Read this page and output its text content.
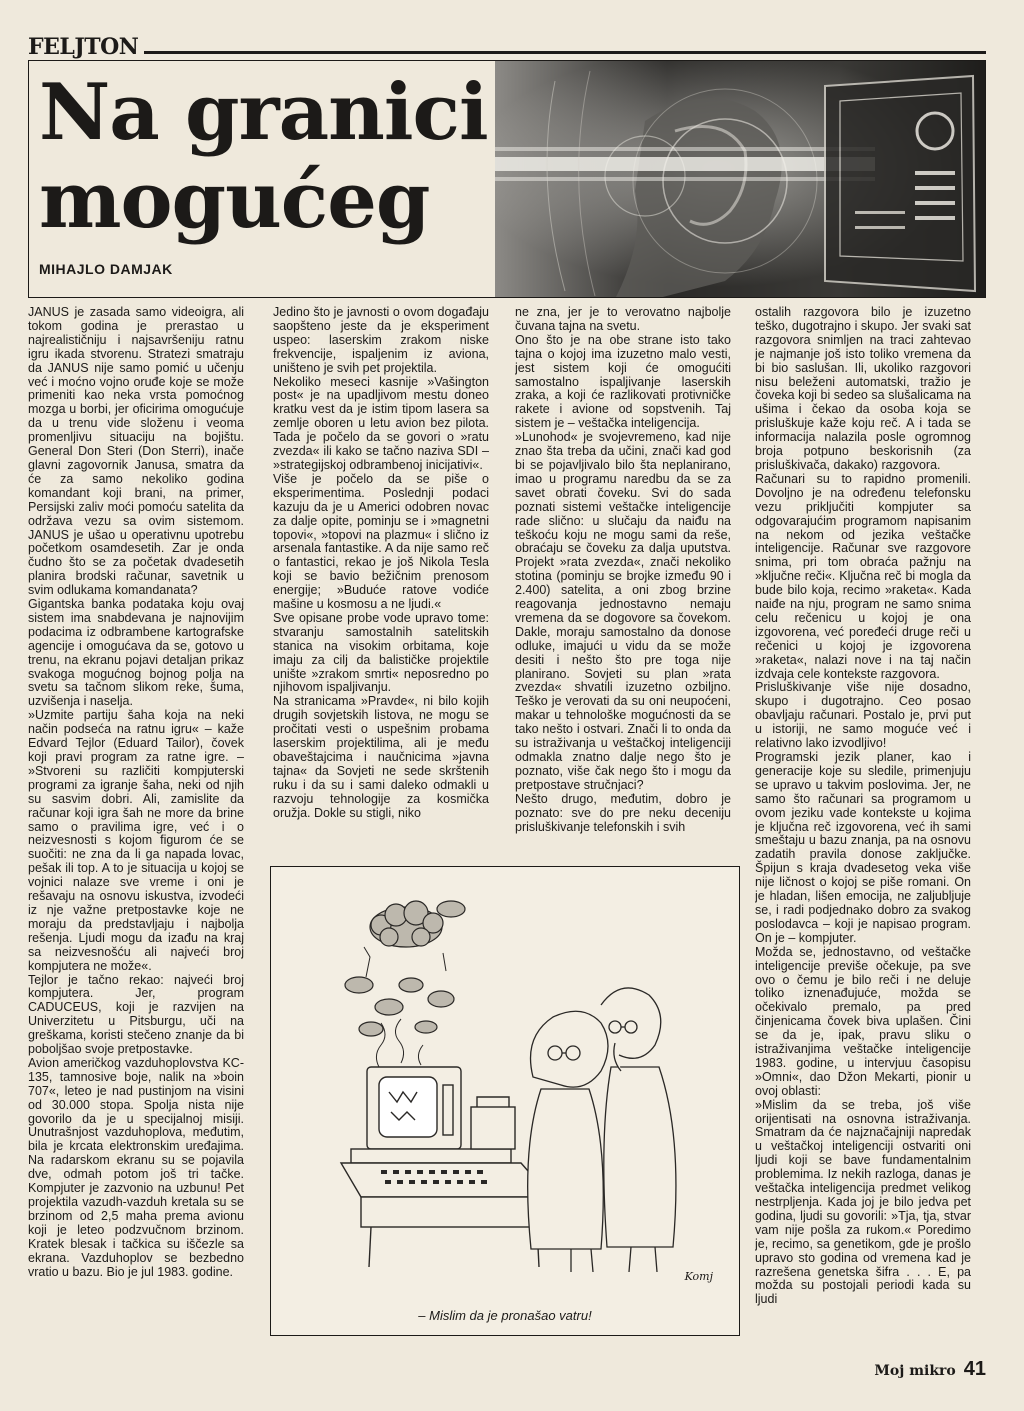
FELJTON
Na granici
mogućeg
MIHAJLO DAMJAK

JANUS je zasada samo videoigra, ali tokom godina je prerastao u najrealističniju i najsavršeniju ratnu igru ikada stvorenu. Stratezi smatraju da JANUS nije samo pomić u učenju već i moćno vojno oruđe koje se može primeniti kao neka vrsta pomoćnog mozga u borbi, jer oficirima omogućuje da u trenu vide složenu i veoma promenljivu situaciju na bojištu. General Don Steri (Don Sterri), inače glavni zagovornik Janusa, smatra da će za samo nekoliko godina komandant koji brani, na primer, Persijski zaliv moći pomoću satelita da održava vezu sa ovim sistemom. JANUS je ušao u operativnu upotrebu početkom osamdesetih. Zar je onda čudno što se za početak dvadesetih planira brodski računar, savetnik u svim odlukama komandanata?

Gigantska banka podataka koju ovaj sistem ima snabdevana je najnovijim podacima iz odbrambene kartografske agencije i omogućava da se, gotovo u trenu, na ekranu pojavi detaljan prikaz svakoga mogućnog bojnog polja na svetu sa tačnom slikom reke, šuma, uzvišenja i naselja.

»Uzmite partiju šaha koja na neki način podseća na ratnu igru« – kaže Edvard Tejlor (Eduard Tailor), čovek koji pravi program za ratne igre. – »Stvoreni su različiti kompjuterski programi za igranje šaha, neki od njih su sasvim dobri. Ali, zamislite da računar koji igra šah ne more da brine samo o pravilima igre, već i o neizvesnosti s kojom figurom će se suočiti: ne zna da li ga napada lovac, pešak ili top. A to je situacija u kojoj se vojnici nalaze sve vreme i oni je rešavaju na osnovu iskustva, izvodeći iz nje važne pretpostavke koje ne moraju da predstavljaju i najbolja rešenja. Ljudi mogu da izađu na kraj sa neizvesnošću ali najveći broj kompjutera ne može«.

Tejlor je tačno rekao: najveći broj kompjutera. Jer, program CADUCEUS, koji je razvijen na Univerzitetu u Pitsburgu, uči na greškama, koristi stečeno znanje da bi poboljšao svoje pretpostavke.

Avion američkog vazduhoplovstva KC-135, tamnosive boje, nalik na »boin 707«, leteo je nad pustinjom na visini od 30.000 stopa. Spolja nista nije govorilo da je u specijalnoj misiji. Unutrašnjost vazduhoplova, međutim, bila je krcata elektronskim uređajima. Na radarskom ekranu su se pojavila dve, odmah potom još tri tačke. Kompjuter je zazvonio na uzbunu! Pet projektila vazudh-vazduh kretala su se brzinom od 2,5 maha prema avionu koji je leteo podzvučnom brzinom. Kratek blesak i tačkica su iščezle sa ekrana. Vazduhoplov se bezbedno vratio u bazu. Bio je jul 1983. godine.

Jedino što je javnosti o ovom događaju saopšteno jeste da je eksperiment uspeo: laserskim zrakom niske frekvencije, ispaljenim iz aviona, uništeno je svih pet projektila.

Nekoliko meseci kasnije »Vašington post« je na upadljivom mestu doneo kratku vest da je istim tipom lasera sa zemlje oboren u letu avion bez pilota. Tada je počelo da se govori o »ratu zvezda« ili kako se tačno naziva SDI – »strategijskoj odbrambenoj inicijativi«.

Više je počelo da se piše o eksperimentima. Poslednji podaci kazuju da je u Americi odobren novac za dalje opite, pominju se i »magnetni topovi«, »topovi na plazmu« i slično iz arsenala fantastike. A da nije samo reč o fantastici, rekao je još Nikola Tesla koji se bavio bežičnim prenosom energije; »Buduće ratove vodiće mašine u kosmosu a ne ljudi.«

Sve opisane probe vode upravo tome: stvaranju samostalnih satelitskih stanica na visokim orbitama, koje imaju za cilj da balističke projektile unište »zrakom smrti« neposredno po njihovom ispaljivanju.

Na stranicama »Pravde«, ni bilo kojih drugih sovjetskih listova, ne mogu se pročitati vesti o uspešnim probama laserskim projektilima, ali je među obaveštajcima i naučnicima »javna tajna« da Sovjeti ne sede skrštenih ruku i da su i sami daleko odmakli u razvoju tehnologije za kosmička oružja. Dokle su stigli, niko

ne zna, jer je to verovatno najbolje čuvana tajna na svetu.

Ono što je na obe strane isto tako tajna o kojoj ima izuzetno malo vesti, jest sistem koji će omogućiti samostalno ispaljivanje laserskih zraka, a koji će razlikovati protivničke rakete i avione od sopstvenih. Taj sistem je – veštačka inteligencija.

»Lunohod« je svojevremeno, kad nije znao šta treba da učini, znači kad god bi se pojavljivalo bilo šta neplanirano, imao u programu naredbu da se za savet obrati čoveku. Svi do sada poznati sistemi veštačke inteligencije rade slično: u slučaju da naiđu na teškoću koju ne mogu sami da reše, obraćaju se čoveku za dalja uputstva. Projekt »rata zvezda«, znači nekoliko stotina (pominju se brojke između 90 i 2.400) satelita, a oni zbog brzine reagovanja jednostavno nemaju vremena da se dogovore sa čovekom. Dakle, moraju samostalno da donose odluke, imajući u vidu da se može desiti i nešto što pre toga nije planirano. Sovjeti su plan »rata zvezda« shvatili izuzetno ozbiljno. Teško je verovati da su oni neupoćeni, makar u tehnološke mogućnosti da se tako nešto i ostvari. Znači li to onda da su istraživanja u veštačkoj inteligenciji odmakla znatno dalje nego što je poznato, više čak nego što i mogu da pretpostave stručnjaci?

Nešto drugo, međutim, dobro je poznato: sve do pre neku deceniju prisluškivanje telefonskih i svih

ostalih razgovora bilo je izuzetno teško, dugotrajno i skupo. Jer svaki sat razgovora snimljen na traci zahtevao je najmanje još isto toliko vremena da bi bio saslušan. Ili, ukoliko razgovori nisu beleženi automatski, tražio je čoveka koji bi sedeo sa slušalicama na ušima i čekao da osoba koja se prisluškuje kaže koju reč. A i tada se informacija nalazila posle ogromnog broja potpuno beskorisnih (za prisluškivača, dakako) razgovora.

Računari su to rapidno promenili. Dovoljno je na određenu telefonsku vezu priključiti kompjuter sa odgovarajućim programom napisanim na nekom od jezika veštačke inteligencije. Računar sve razgovore snima, pri tom obraća pažnju na »ključne reči«. Ključna reč bi mogla da bude bilo koja, recimo »raketa«. Kada naiđe na nju, program ne samo snima celu rečenicu u kojoj je ona izgovorena, već poređeći druge reči u rečenici u kojoj je izgovorena »raketa«, nalazi nove i na taj način izdvaja cele kontekste razgovora.

Prisluškivanje više nije dosadno, skupo i dugotrajno. Ceo posao obavljaju računari. Postalo je, prvi put u istoriji, ne samo moguće već i relativno lako izvodljivo!

Programski jezik planer, kao i generacije koje su sledile, primenjuju se upravo u takvim poslovima. Jer, ne samo što računari sa programom u ovom jeziku vade kontekste u kojima je ključna reč izgovorena, već ih sami smeštaju u bazu znanja, pa na osnovu zadatih pravila donose zaključke. Špijun s kraja dvadesetog veka više nije ličnost o kojoj se piše romani. On je hladan, lišen emocija, ne zaljubljuje se, i radi podjednako dobro za svakog poslodavca – koji je napisao program. On je – kompjuter.

Možda se, jednostavno, od veštačke inteligencije previše očekuje, pa sve ovo o čemu je bilo reči i ne deluje toliko iznenađujuće, možda se očekivalo premalo, pa pred činjenicama čovek biva uplašen. Čini se da je, ipak, pravu sliku o istraživanjima veštačke inteligencije 1983. godine, u intervjuu časopisu »Omni«, dao Džon Mekarti, pionir u ovoj oblasti:

»Mislim da se treba, još više orijentisati na osnovna istraživanja. Smatram da će najznačajniji napredak u veštačkoj inteligenciji ostvariti oni ljudi koji se bave fundamentalnim problemima. Iz nekih razloga, danas je veštačka inteligencija predmet velikog nestrpljenja. Kada joj je bilo jedva pet godina, ljudi su govorili: »Tja, tja, stvar vam nije pošla za rukom.« Poredimo je, recimo, sa genetikom, gde je prošlo upravo sto godina od vremena kad je razrešena genetska šifra . . . E, pa možda su postojali periodi kada su ljudi

Komj
– Mislim da je pronašao vatru!
Moj mikro 41
